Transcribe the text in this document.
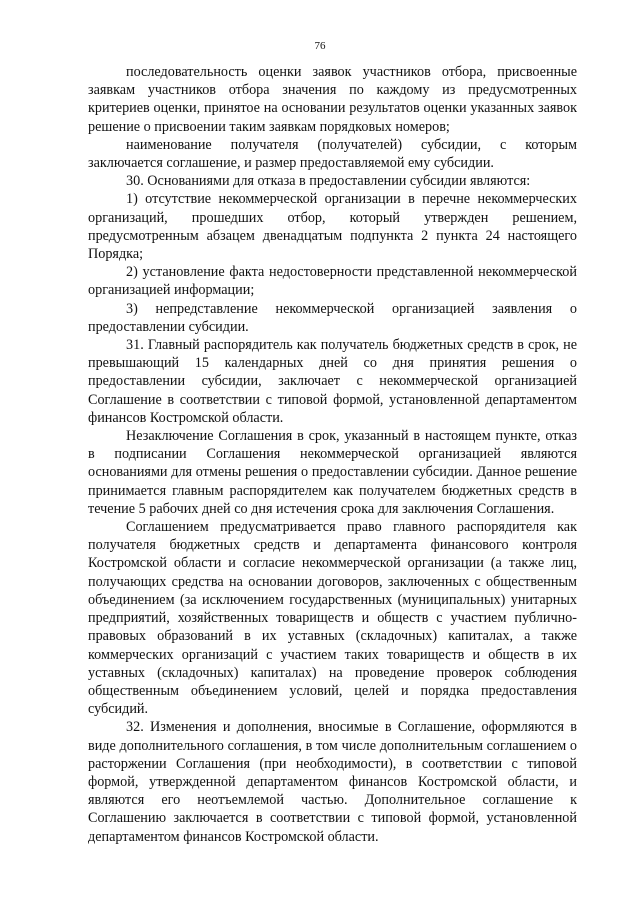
76

последовательность оценки заявок участников отбора, присвоенные заявкам участников отбора значения по каждому из предусмотренных критериев оценки, принятое на основании результатов оценки указанных заявок решение о присвоении таким заявкам порядковых номеров;

наименование получателя (получателей) субсидии, с которым заключается соглашение, и размер предоставляемой ему субсидии.

30. Основаниями для отказа в предоставлении субсидии являются:

1) отсутствие некоммерческой организации в перечне некоммерческих организаций, прошедших отбор, который утвержден решением, предусмотренным абзацем двенадцатым подпункта 2 пункта 24 настоящего Порядка;

2) установление факта недостоверности представленной некоммерческой организацией информации;

3) непредставление некоммерческой организацией заявления о предоставлении субсидии.

31. Главный распорядитель как получатель бюджетных средств в срок, не превышающий 15 календарных дней со дня принятия решения о предоставлении субсидии, заключает с некоммерческой организацией Соглашение в соответствии с типовой формой, установленной департаментом финансов Костромской области.

Незаключение Соглашения в срок, указанный в настоящем пункте, отказ в подписании Соглашения некоммерческой организацией являются основаниями для отмены решения о предоставлении субсидии. Данное решение принимается главным распорядителем как получателем бюджетных средств в течение 5 рабочих дней со дня истечения срока для заключения Соглашения.

Соглашением предусматривается право главного распорядителя как получателя бюджетных средств и департамента финансового контроля Костромской области и согласие некоммерческой организации (а также лиц, получающих средства на основании договоров, заключенных с общественным объединением (за исключением государственных (муниципальных) унитарных предприятий, хозяйственных товариществ и обществ с участием публично-правовых образований в их уставных (складочных) капиталах, а также коммерческих организаций с участием таких товариществ и обществ в их уставных (складочных) капиталах) на проведение проверок соблюдения общественным объединением условий, целей и порядка предоставления субсидий.

32. Изменения и дополнения, вносимые в Соглашение, оформляются в виде дополнительного соглашения, в том числе дополнительным соглашением о расторжении Соглашения (при необходимости), в соответствии с типовой формой, утвержденной департаментом финансов Костромской области, и являются его неотъемлемой частью. Дополнительное соглашение к Соглашению заключается в соответствии с типовой формой, установленной департаментом финансов Костромской области.
